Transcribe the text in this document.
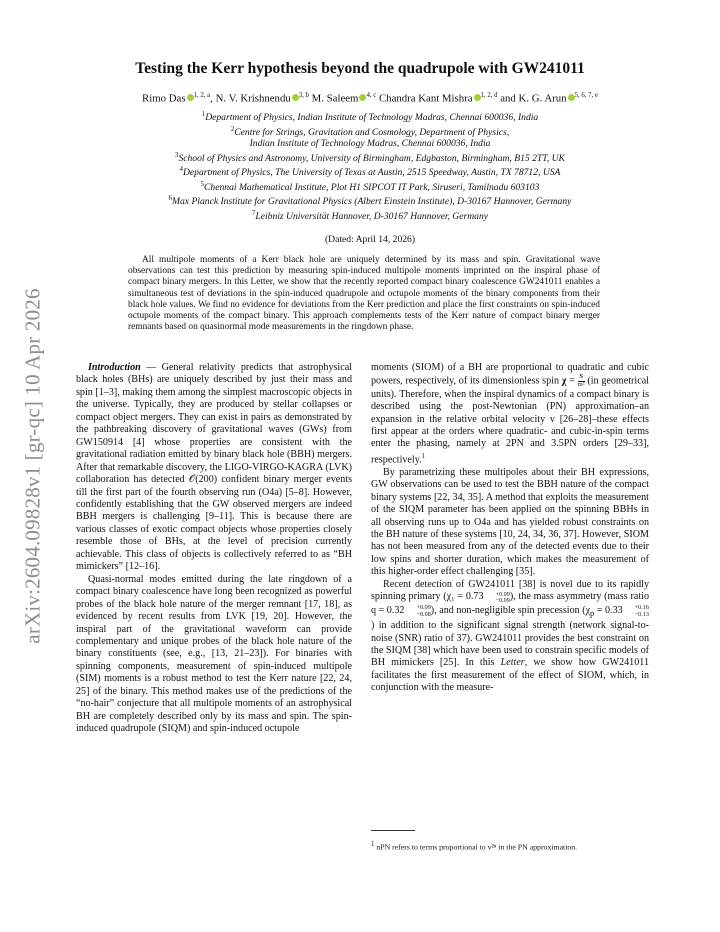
arXiv:2604.09828v1 [gr-qc] 10 Apr 2026
Testing the Kerr hypothesis beyond the quadrupole with GW241011
Rimo Das $^{1, 2, a}$, N. V. Krishnendu $^{3, b}$ M. Saleem $^{4, c}$ Chandra Kant Mishra $^{1, 2, d}$ and K. G. Arun $^{5, 6, 7, e}$
$^1$Department of Physics, Indian Institute of Technology Madras, Chennai 600036, India
$^2$Centre for Strings, Gravitation and Cosmology, Department of Physics,
Indian Institute of Technology Madras, Chennai 600036, India
$^3$School of Physics and Astronomy, University of Birmingham, Edgbaston, Birmingham, B15 2TT, UK
$^4$Department of Physics, The University of Texas at Austin, 2515 Speedway, Austin, TX 78712, USA
$^5$Chennai Mathematical Institute, Plot H1 SIPCOT IT Park, Siruseri, Tamilnadu 603103
$^6$Max Planck Institute for Gravitational Physics (Albert Einstein Institute), D-30167 Hannover, Germany
$^7$Leibniz Universität Hannover, D-30167 Hannover, Germany
(Dated: April 14, 2026)
All multipole moments of a Kerr black hole are uniquely determined by its mass and spin. Gravitational wave observations can test this prediction by measuring spin-induced multipole moments imprinted on the inspiral phase of compact binary mergers. In this Letter, we show that the recently reported compact binary coalescence GW241011 enables a simultaneous test of deviations in the spin-induced quadrupole and octupole moments of the binary components from their black hole values. We find no evidence for deviations from the Kerr prediction and place the first constraints on spin-induced octupole moments of the compact binary. This approach complements tests of the Kerr nature of compact binary merger remnants based on quasinormal mode measurements in the ringdown phase.

Introduction — General relativity predicts that astrophysical black holes (BHs) are uniquely described by just their mass and spin [1–3], making them among the simplest macroscopic objects in the universe. Typically, they are produced by stellar collapses or compact object mergers. They can exist in pairs as demonstrated by the pathbreaking discovery of gravitational waves (GWs) from GW150914 [4] whose properties are consistent with the gravitational radiation emitted by binary black hole (BBH) mergers. After that remarkable discovery, the LIGO-VIRGO-KAGRA (LVK) collaboration has detected 𝒪(200) confident binary merger events till the first part of the fourth observing run (O4a) [5–8]. However, confidently establishing that the GW observed mergers are indeed BBH mergers is challenging [9–11]. This is because there are various classes of exotic compact objects whose properties closely resemble those of BHs, at the level of precision currently achievable. This class of objects is collectively referred to as “BH mimickers” [12–16].

Quasi-normal modes emitted during the late ringdown of a compact binary coalescence have long been recognized as powerful probes of the black hole nature of the merger remnant [17, 18], as evidenced by recent results from LVK [19, 20]. However, the inspiral part of the gravitational waveform can provide complementary and unique probes of the black hole nature of the binary constituents (see, e.g., [13, 21–23]). For binaries with spinning components, measurement of spin-induced multipole (SIM) moments is a robust method to test the Kerr nature [22, 24, 25] of the binary. This method makes use of the predictions of the “no-hair” conjecture that all multipole moments of an astrophysical BH are completely described only by its mass and spin. The spin-induced quadrupole (SIQM) and spin-induced octupole

moments (SIOM) of a BH are proportional to quadratic and cubic powers, respectively, of its dimensionless spin $\chi = \frac{S}{\text{m²}} (in$ geometrical units). Therefore, when the inspiral dynamics of a compact binary is described using the post-Newtonian (PN) approximation–an expansion in the relative orbital velocity v [26–28]–these effects first appear at the orders where quadratic- and cubic-in-spin terms enter the phasing, namely at 2PN and 3.5PN orders [29–33], respectively.$^1$

By parametrizing these multipoles about their BH expressions, GW observations can be used to test the BBH nature of the compact binary systems [22, 34, 35]. A method that exploits the measurement of the SIQM parameter has been applied on the spinning BBHs in all observing runs up to O4a and has yielded robust constraints on the BH nature of these systems [10, 24, 34, 36, 37]. However, SIOM has not been measured from any of the detected events due to their low spins and shorter duration, which makes the measurement of this higher-order effect challenging [35].

Recent detection of GW241011 [38] is novel due to its rapidly spinning primary (χ₁ = 0.73	+0.09
−0.09 ), the mass asymmetry (mass ratio q = 0.32	+0.09
−0.08 ), and non-negligible spin precession ($\chi_p = 0.33$	+0.16
−0.13
) in addition to the significant signal strength (network signal-to-noise (SNR) ratio of 37). GW241011 provides the best constraint on the SIQM [38] which have been used to constrain specific models of BH mimickers [25]. In this Letter, we show how GW241011 facilitates the first measurement of the effect of SIOM, which, in conjunction with the measure-

$^1$ nPN refers to terms proportional to v²ⁿ in the PN approximation.
